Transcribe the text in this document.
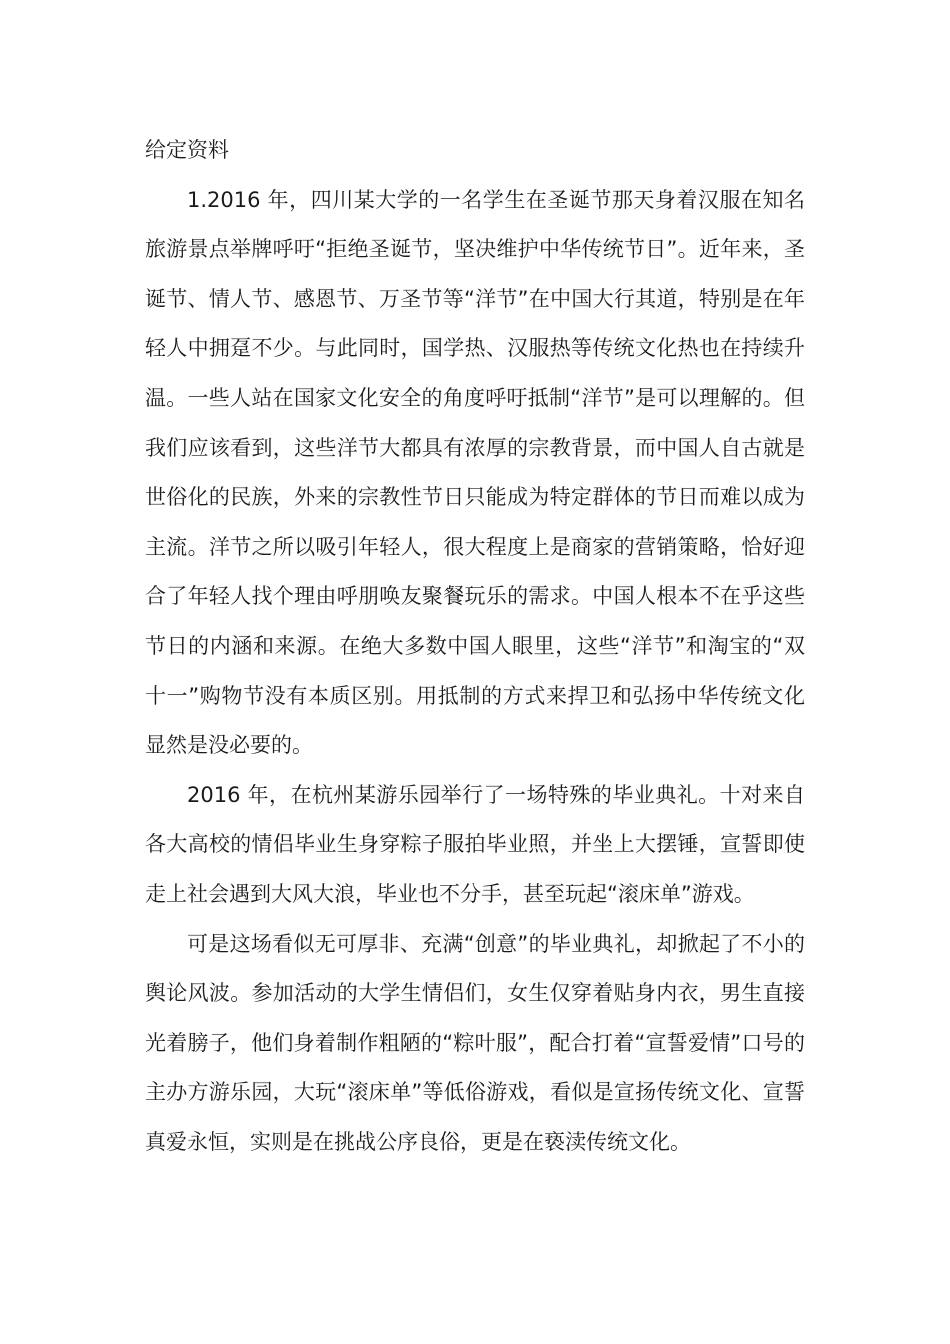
给定资料

1.2016 年，四川某大学的一名学生在圣诞节那天身着汉服在知名旅游景点举牌呼吁“拒绝圣诞节，坚决维护中华传统节日”。近年来，圣诞节、情人节、感恩节、万圣节等“洋节”在中国大行其道，特别是在年轻人中拥趸不少。与此同时，国学热、汉服热等传统文化热也在持续升温。一些人站在国家文化安全的角度呼吁抵制“洋节”是可以理解的。但我们应该看到，这些洋节大都具有浓厚的宗教背景，而中国人自古就是世俗化的民族，外来的宗教性节日只能成为特定群体的节日而难以成为主流。洋节之所以吸引年轻人，很大程度上是商家的营销策略，恰好迎合了年轻人找个理由呼朋唤友聚餐玩乐的需求。中国人根本不在乎这些节日的内涵和来源。在绝大多数中国人眼里，这些“洋节”和淘宝的“双十一”购物节没有本质区别。用抵制的方式来捍卫和弘扬中华传统文化显然是没必要的。

2016 年，在杭州某游乐园举行了一场特殊的毕业典礼。十对来自各大高校的情侣毕业生身穿粽子服拍毕业照，并坐上大摆锤，宣誓即使走上社会遇到大风大浪，毕业也不分手，甚至玩起“滚床单”游戏。

可是这场看似无可厚非、充满“创意”的毕业典礼，却掀起了不小的舆论风波。参加活动的大学生情侣们，女生仅穿着贴身内衣，男生直接光着膀子，他们身着制作粗陋的“粽叶服”，配合打着“宣誓爱情”口号的主办方游乐园，大玩“滚床单”等低俗游戏，看似是宣扬传统文化、宣誓真爱永恒，实则是在挑战公序良俗，更是在亵渎传统文化。
